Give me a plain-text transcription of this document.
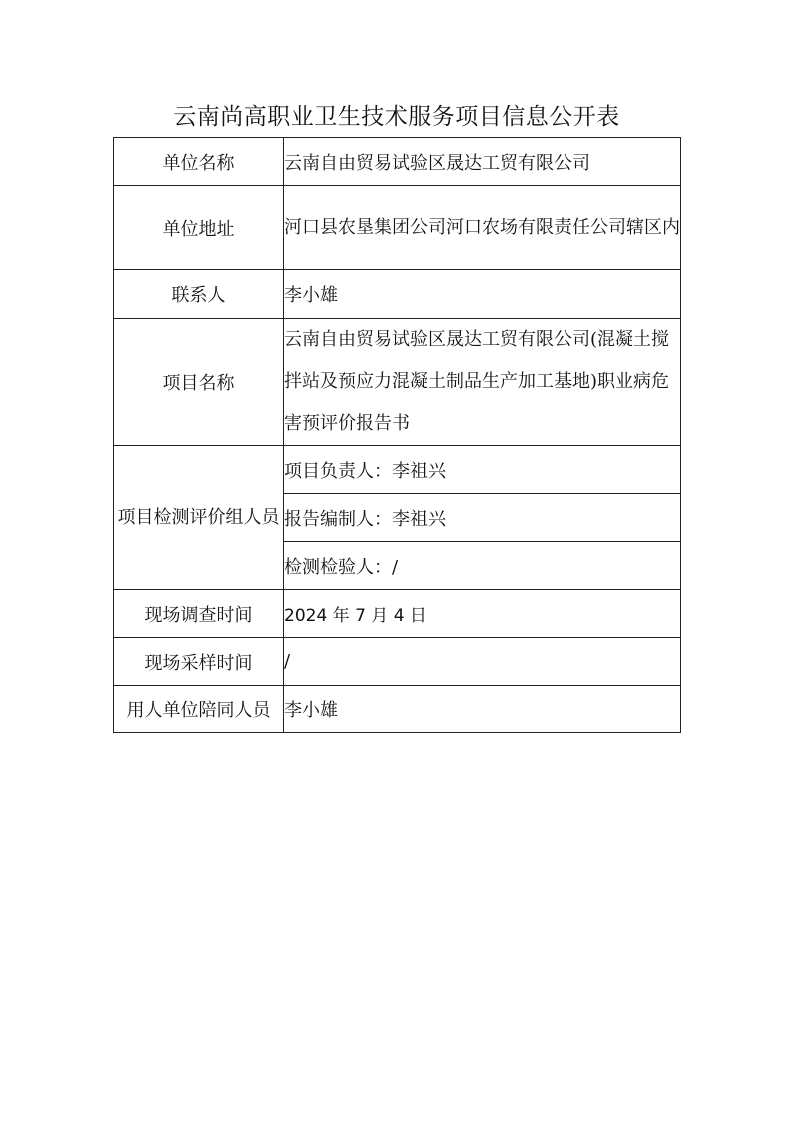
云南尚高职业卫生技术服务项目信息公开表
单位名称	云南自由贸易试验区晟达工贸有限公司
单位地址	河口县农垦集团公司河口农场有限责任公司辖区内
联系人	李小雄
项目名称	云南自由贸易试验区晟达工贸有限公司(混凝土搅拌站及预应力混凝土制品生产加工基地)职业病危害预评价报告书
项目检测评价组人员	项目负责人：李祖兴
	报告编制人：李祖兴
	检测检验人：/
现场调查时间	2024 年 7 月 4 日
现场采样时间	/
用人单位陪同人员	李小雄
